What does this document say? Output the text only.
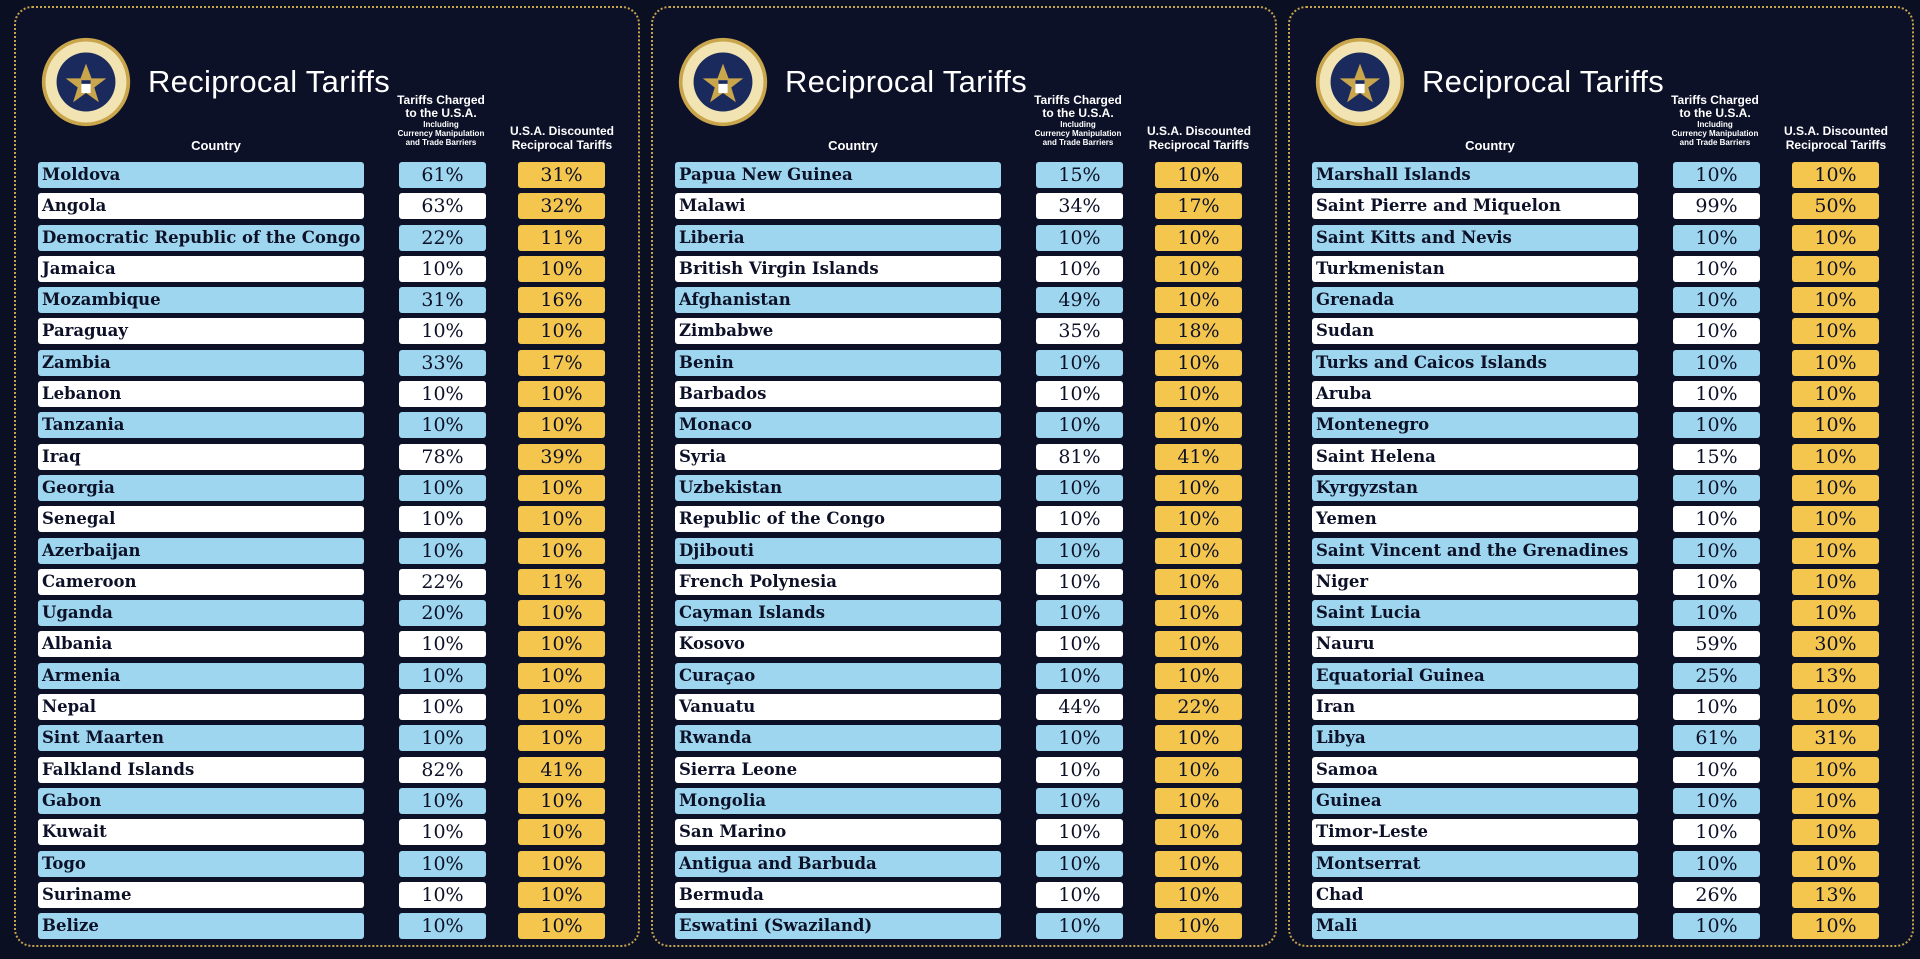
Reciprocal Tariffs
Country
Tariffs Charged
to the U.S.A.
Including
Currency Manipulation
and Trade Barriers
U.S.A. Discounted
Reciprocal Tariffs
Moldova	61%	31%
Angola	63%	32%
Democratic Republic of the Congo	22%	11%
Jamaica	10%	10%
Mozambique	31%	16%
Paraguay	10%	10%
Zambia	33%	17%
Lebanon	10%	10%
Tanzania	10%	10%
Iraq	78%	39%
Georgia	10%	10%
Senegal	10%	10%
Azerbaijan	10%	10%
Cameroon	22%	11%
Uganda	20%	10%
Albania	10%	10%
Armenia	10%	10%
Nepal	10%	10%
Sint Maarten	10%	10%
Falkland Islands	82%	41%
Gabon	10%	10%
Kuwait	10%	10%
Togo	10%	10%
Suriname	10%	10%
Belize	10%	10%
Reciprocal Tariffs
Country
Tariffs Charged
to the U.S.A.
Including
Currency Manipulation
and Trade Barriers
U.S.A. Discounted
Reciprocal Tariffs
Papua New Guinea	15%	10%
Malawi	34%	17%
Liberia	10%	10%
British Virgin Islands	10%	10%
Afghanistan	49%	10%
Zimbabwe	35%	18%
Benin	10%	10%
Barbados	10%	10%
Monaco	10%	10%
Syria	81%	41%
Uzbekistan	10%	10%
Republic of the Congo	10%	10%
Djibouti	10%	10%
French Polynesia	10%	10%
Cayman Islands	10%	10%
Kosovo	10%	10%
Curaçao	10%	10%
Vanuatu	44%	22%
Rwanda	10%	10%
Sierra Leone	10%	10%
Mongolia	10%	10%
San Marino	10%	10%
Antigua and Barbuda	10%	10%
Bermuda	10%	10%
Eswatini (Swaziland)	10%	10%
Reciprocal Tariffs
Country
Tariffs Charged
to the U.S.A.
Including
Currency Manipulation
and Trade Barriers
U.S.A. Discounted
Reciprocal Tariffs
Marshall Islands	10%	10%
Saint Pierre and Miquelon	99%	50%
Saint Kitts and Nevis	10%	10%
Turkmenistan	10%	10%
Grenada	10%	10%
Sudan	10%	10%
Turks and Caicos Islands	10%	10%
Aruba	10%	10%
Montenegro	10%	10%
Saint Helena	15%	10%
Kyrgyzstan	10%	10%
Yemen	10%	10%
Saint Vincent and the Grenadines	10%	10%
Niger	10%	10%
Saint Lucia	10%	10%
Nauru	59%	30%
Equatorial Guinea	25%	13%
Iran	10%	10%
Libya	61%	31%
Samoa	10%	10%
Guinea	10%	10%
Timor-Leste	10%	10%
Montserrat	10%	10%
Chad	26%	13%
Mali	10%	10%
